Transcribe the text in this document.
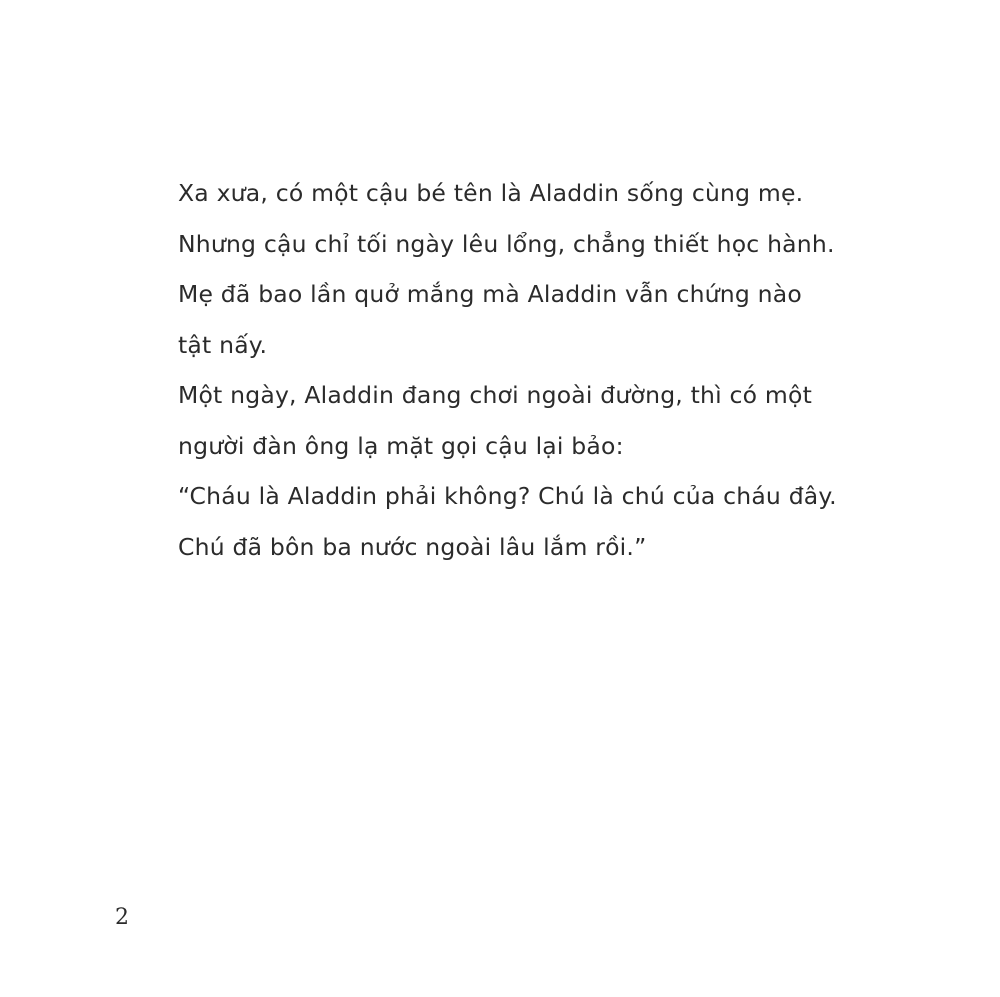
Xa xưa, có một cậu bé tên là Aladdin sống cùng mẹ.
Nhưng cậu chỉ tối ngày lêu lổng, chẳng thiết học hành.
Mẹ đã bao lần quở mắng mà Aladdin vẫn chứng nào
tật nấy.
Một ngày, Aladdin đang chơi ngoài đường, thì có một
người đàn ông lạ mặt gọi cậu lại bảo:
“Cháu là Aladdin phải không? Chú là chú của cháu đây.
Chú đã bôn ba nước ngoài lâu lắm rồi.”
2
